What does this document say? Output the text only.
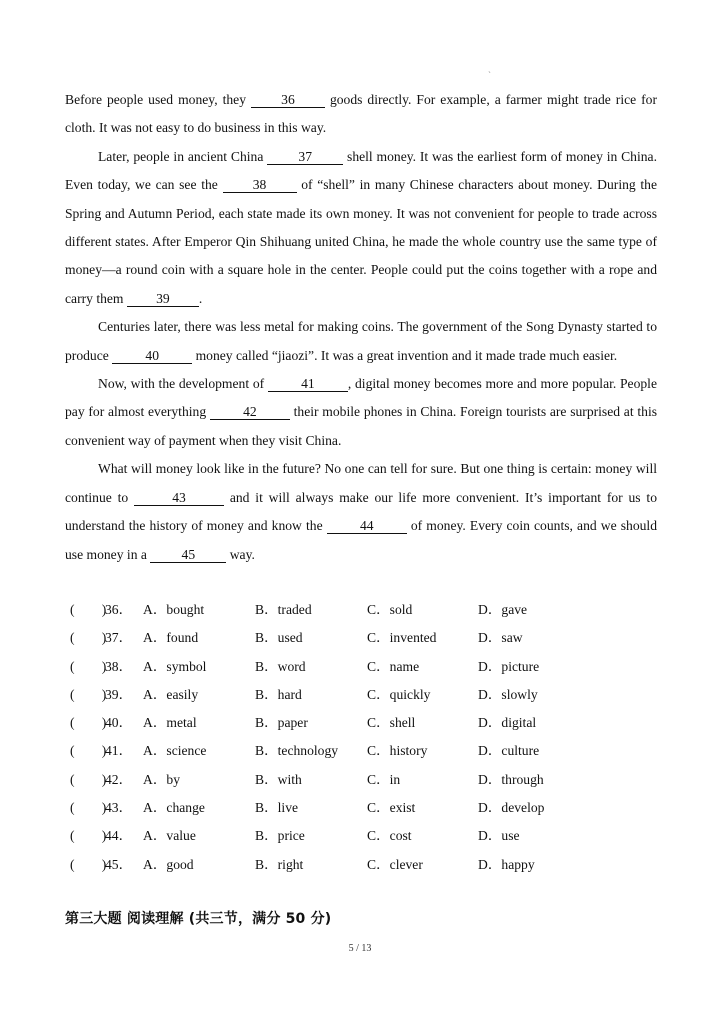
`

Before people used money, they 36 goods directly. For example, a farmer might trade rice for cloth. It was not easy to do business in this way.

Later, people in ancient China 37 shell money. It was the earliest form of money in China. Even today, we can see the 38 of “shell” in many Chinese characters about money. During the Spring and Autumn Period, each state made its own money. It was not convenient for people to trade across different states. After Emperor Qin Shihuang united China, he made the whole country use the same type of money—a round coin with a square hole in the center. People could put the coins together with a rope and carry them 39 .

Centuries later, there was less metal for making coins. The government of the Song Dynasty started to produce 40 money called “jiaozi”. It was a great invention and it made trade much easier.

Now, with the development of 41 , digital money becomes more and more popular. People pay for almost everything 42 their mobile phones in China. Foreign tourists are surprised at this convenient way of payment when they visit China.

What will money look like in the future? No one can tell for sure. But one thing is certain: money will continue to	43	and it will always make our life more convenient. It’s important for us to understand the history of money and know the 44 of money. Every coin counts, and we should use money in a 45 way.

(　　)
36． A．bought	B．traded	C．sold	D．gave
(　　)
37． A．found	B．used	C．invented	D．saw
(　　)
38． A．symbol	B．word	C．name	D．picture
(　　)
39． A．easily	B．hard	C．quickly	D．slowly
(　　)
40． A．metal	B．paper	C．shell	D．digital
(　　)
41． A．science	B．technology C．history	D．culture
(　　)
42． A．by	B．with	C．in	D．through
(　　)
43． A．change	B．live	C．exist	D．develop
(　　)
44． A．value	B．price	C．cost	D．use
(　　)
45． A．good	B．right	C．clever	D．happy
第三大题 阅读理解 (共三节，满分 50 分)
5 / 13
